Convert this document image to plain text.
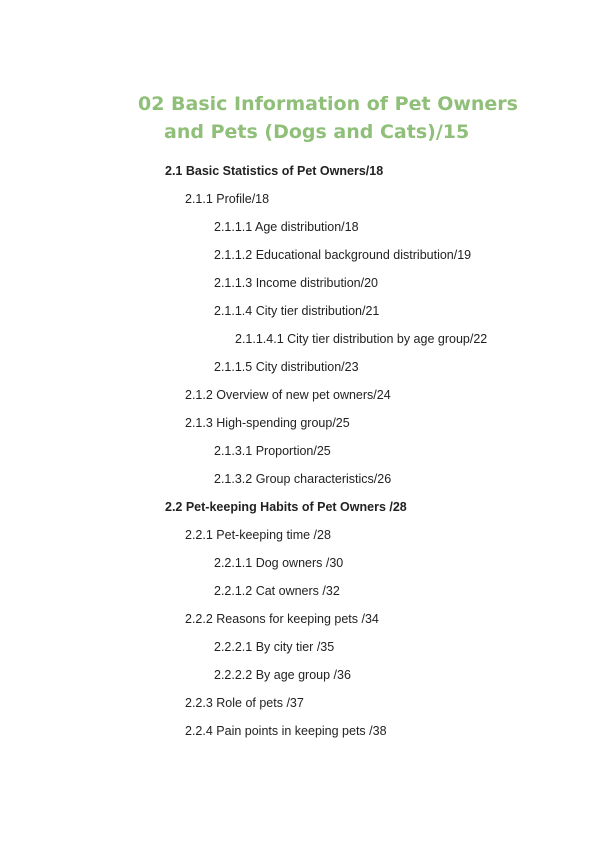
02 Basic Information of Pet Owners
and Pets (Dogs and Cats)/15
2.1 Basic Statistics of Pet Owners/18
2.1.1 Profile/18
2.1.1.1 Age distribution/18
2.1.1.2 Educational background distribution/19
2.1.1.3 Income distribution/20
2.1.1.4 City tier distribution/21
2.1.1.4.1 City tier distribution by age group/22
2.1.1.5 City distribution/23
2.1.2 Overview of new pet owners/24
2.1.3 High-spending group/25
2.1.3.1 Proportion/25
2.1.3.2 Group characteristics/26
2.2 Pet-keeping Habits of Pet Owners /28
2.2.1 Pet-keeping time /28
2.2.1.1 Dog owners /30
2.2.1.2 Cat owners /32
2.2.2 Reasons for keeping pets /34
2.2.2.1 By city tier /35
2.2.2.2 By age group /36
2.2.3 Role of pets /37
2.2.4 Pain points in keeping pets /38
